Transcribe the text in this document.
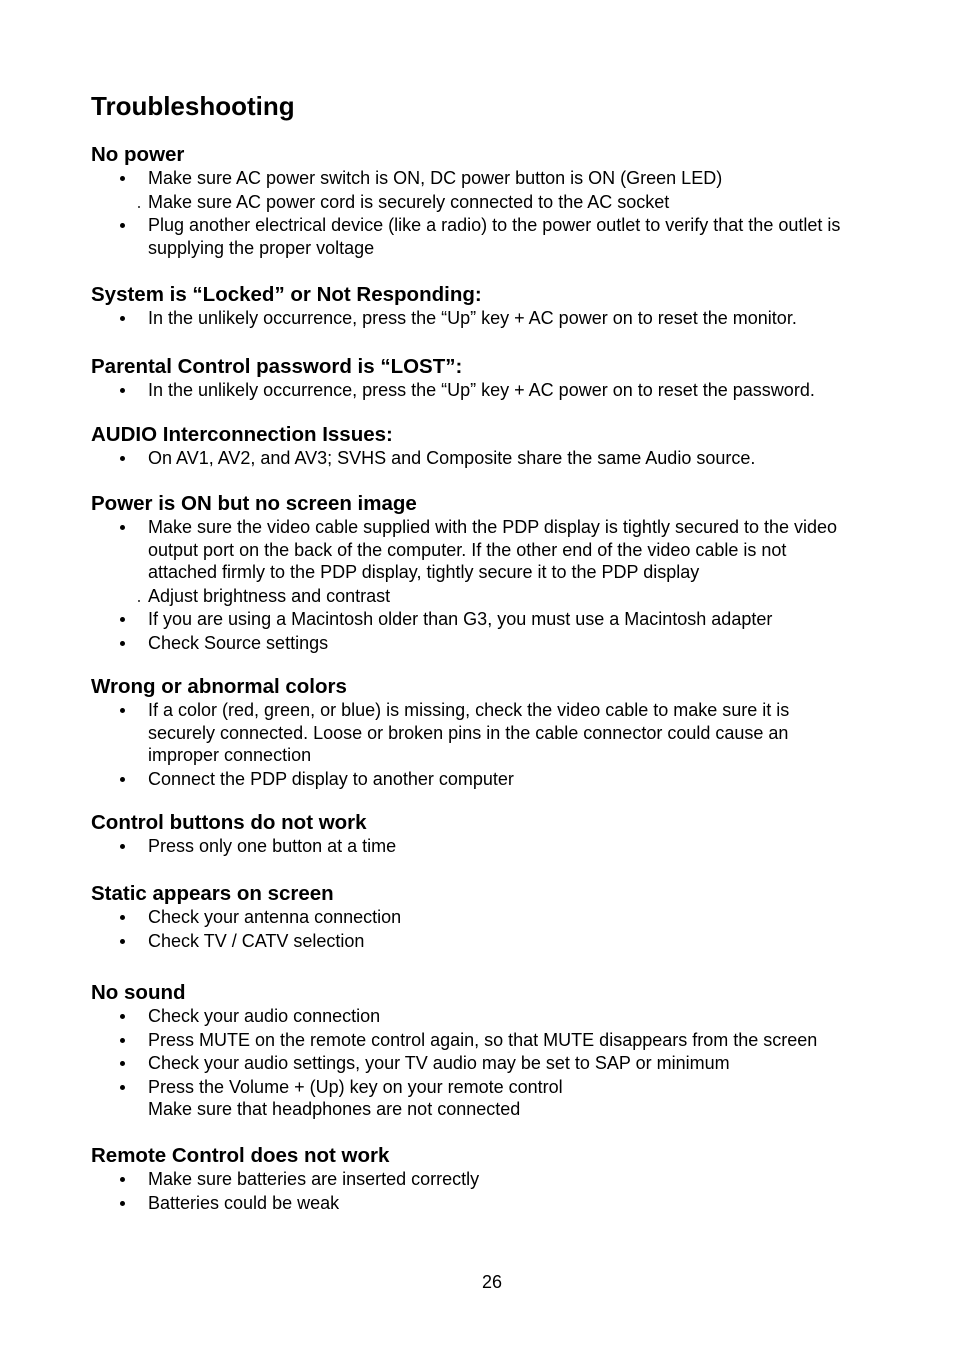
Troubleshooting
No power
Make sure AC power switch is ON, DC power button is ON (Green LED)
Make sure AC power cord is securely connected to the AC socket
Plug another electrical device (like a radio) to the power outlet to verify that the outlet is
supplying the proper voltage
System is “Locked” or Not Responding:
In the unlikely occurrence, press the “Up” key + AC power on to reset the monitor.
Parental Control password is “LOST”:
In the unlikely occurrence, press the “Up” key + AC power on to reset the password.
AUDIO Interconnection Issues:
On AV1, AV2, and AV3; SVHS and Composite share the same Audio source.
Power is ON but no screen image
Make sure the video cable supplied with the PDP display is tightly secured to the video
output port on the back of the computer. If the other end of the video cable is not
attached firmly to the PDP display, tightly secure it to the PDP display
Adjust brightness and contrast
If you are using a Macintosh older than G3, you must use a Macintosh adapter
Check Source settings
Wrong or abnormal colors
If a color (red, green, or blue) is missing, check the video cable to make sure it is
securely connected. Loose or broken pins in the cable connector could cause an
improper connection
Connect the PDP display to another computer
Control buttons do not work
Press only one button at a time
Static appears on screen
Check your antenna connection
Check TV / CATV selection
No sound
Check your audio connection
Press MUTE on the remote control again, so that MUTE disappears from the screen
Check your audio settings, your TV audio may be set to SAP or minimum
Press the Volume + (Up) key on your remote control
Make sure that headphones are not connected
Remote Control does not work
Make sure batteries are inserted correctly
Batteries could be weak
26
